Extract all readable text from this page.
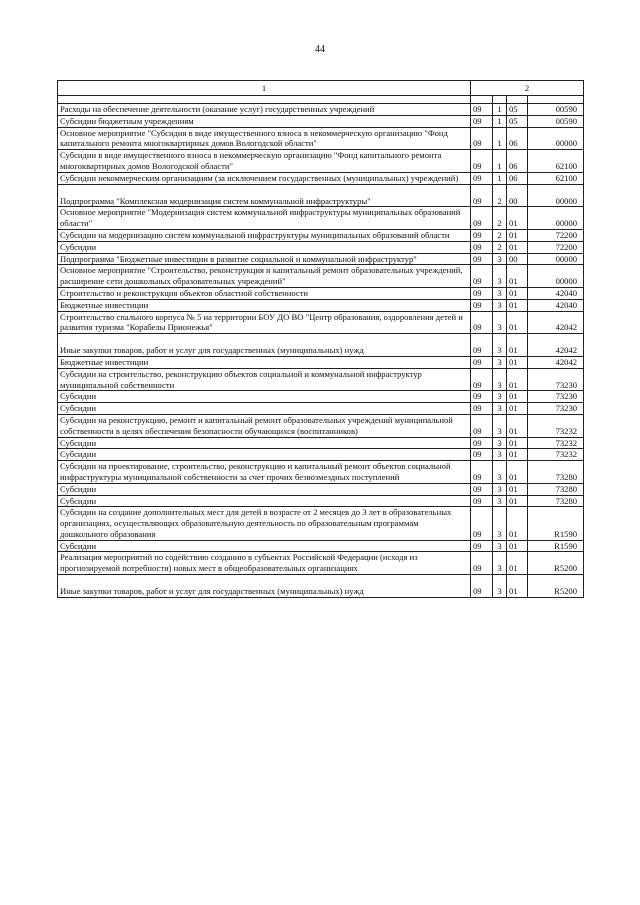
44
1	2			

Расходы на обеспечение деятельности (оказание услуг) государственных учреждений	09	1	05	00590
Субсидии бюджетным учреждениям	09	1	05	00590
Основное мероприятие "Субсидия в виде имущественного взноса в некоммерческую организацию "Фонд капитального ремонта многоквартирных домов Вологодской области"	09	1	06	00000
Субсидии в виде имущественного взноса в некоммерческую организацию "Фонд капитального ремонта многоквартирных домов Вологодской области"	09	1	06	62100
Субсидии некоммерческим организациям (за исключением государственных (муниципальных) учреждений)	09	1	06	62100
Подпрограмма "Комплексная модернизация систем коммунальной инфраструктуры"	09	2	00	00000
Основное мероприятие "Модернизация систем коммунальной инфраструктуры муниципальных образований области"	09	2	01	00000
Субсидии на модернизацию систем коммунальной инфраструктуры муниципальных образований области	09	2	01	72200
Субсидии	09	2	01	72200
Подпрограмма "Бюджетные инвестиции в развитие социальной и коммунальной инфраструктур"	09	3	00	00000
Основное мероприятие "Строительство, реконструкция и капитальный ремонт образовательных учреждений, расширение сети дошкольных образовательных учреждений"	09	3	01	00000
Строительство и реконструкция объектов областной собственности	09	3	01	42040
Бюджетные инвестиции	09	3	01	42040
Строительство спального корпуса № 5 на территории БОУ ДО ВО "Центр образования, оздоровления детей и развития туризма "Корабелы Прионежья"	09	3	01	42042
Иные закупки товаров, работ и услуг для государственных (муниципальных) нужд	09	3	01	42042
Бюджетные инвестиции	09	3	01	42042
Субсидии на строительство, реконструкцию объектов социальной и коммунальной инфраструктур муниципальной собственности	09	3	01	73230
Субсидии	09	3	01	73230
Субсидии	09	3	01	73230
Субсидии на реконструкцию, ремонт и капитальный ремонт образовательных учреждений муниципальной собственности в целях обеспечения безопасности обучающихся (воспитанников)	09	3	01	73232
Субсидии	09	3	01	73232
Субсидии	09	3	01	73232
Субсидии на проектирование, строительство, реконструкцию и капитальный ремонт объектов социальной инфраструктуры муниципальной собственности за счет прочих безвозмездных поступлений	09	3	01	73280
Субсидии	09	3	01	73280
Субсидии	09	3	01	73280
Субсидии на создание дополнительных мест для детей в возрасте от 2 месяцев до 3 лет в образовательных организациях, осуществляющих образовательную деятельность по образовательным программам дошкольного образования	09	3	01	R1590
Субсидии	09	3	01	R1590
Реализация мероприятий по содействию созданию в субъектах Российской Федерации (исходя из прогнозируемой потребности) новых мест в общеобразовательных организациях	09	3	01	R5200
Иные закупки товаров, работ и услуг для государственных (муниципальных) нужд	09	3	01	R5200
